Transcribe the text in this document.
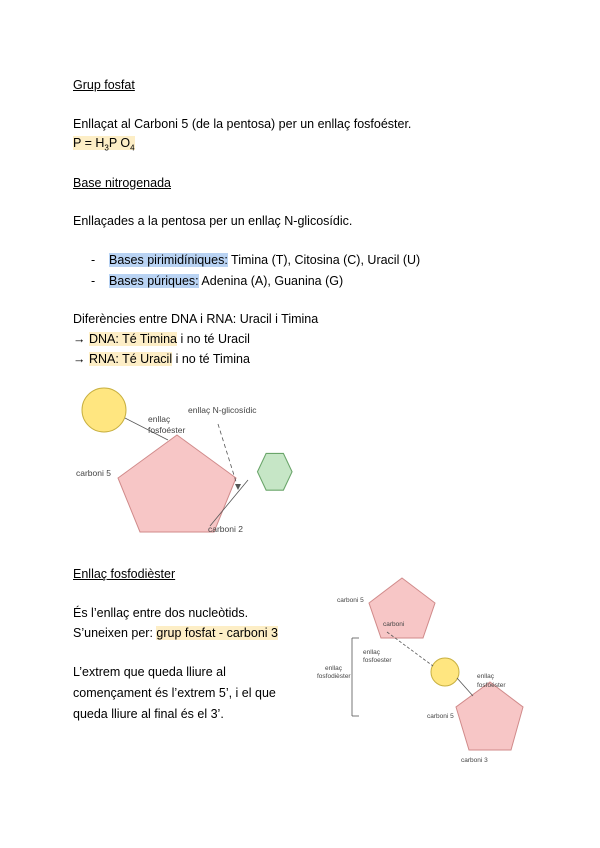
Grup fosfat
Enllaçat al Carboni 5 (de la pentosa) per un enllaç fosfoéster.
$P = H_3P$ $O_4$
Base nitrogenada
Enllaçades a la pentosa per un enllaç N-glicosídic.
- Bases pirimidíniques: Timina (T), Citosina (C), Uracil (U)
- Bases púriques: Adenina (A), Guanina (G)
Diferències entre DNA i RNA: Uracil i Timina
→ DNA: Té Timina i no té Uracil
→ RNA: Té Uracil i no té Timina
enllaç
fosfoéster
enllaç N-glicosídic
carboni 5
carboni 2
Enllaç fosfodièster
És l’enllaç entre dos nucleòtids.
S’uneixen per: grup fosfat - carboni 3
L’extrem que queda lliure al
començament és l’extrem 5’, i el que
queda lliure al final és el 3’.
carboni 5
carboni
enllaç
fosfoester
enllaç
fosfodièster	enllaç
fosfoéster
carboni 5
carboni 3
